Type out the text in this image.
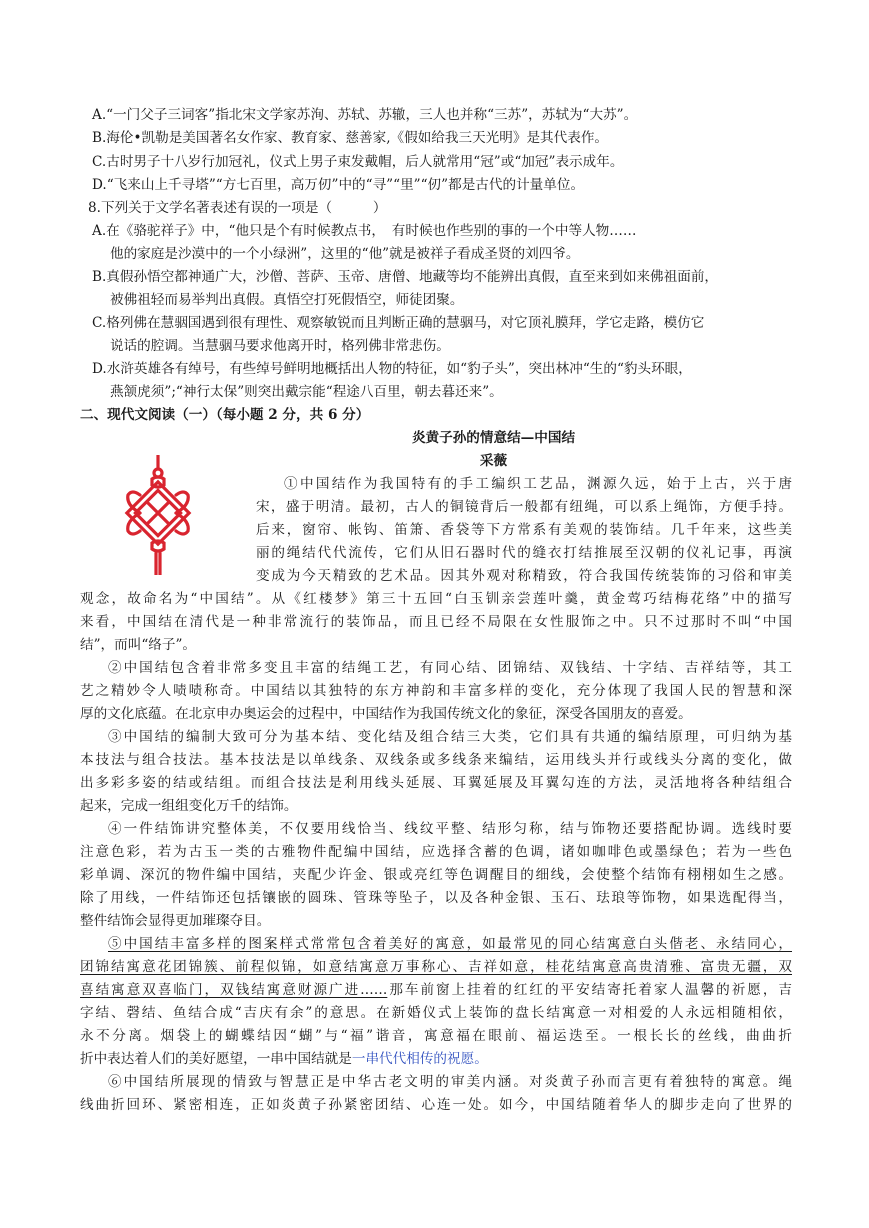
A.“一门父子三词客”指北宋文学家苏洵、苏轼、苏辙，三人也并称“三苏”，苏轼为“大苏”。
B.海伦•凯勒是美国著名女作家、教育家、慈善家,《假如给我三天光明》是其代表作。
C.古时男子十八岁行加冠礼，仪式上男子束发戴帽，后人就常用“冠”或“加冠”表示成年。
D.“飞来山上千寻塔”“方七百里，高万仞”中的“寻”“里”“仞”都是古代的计量单位。
8.下列关于文学名著表述有误的一项是（　　　）
A.在《骆驼祥子》中，“他只是个有时候教点书，　有时候也作些别的事的一个中等人物……
他的家庭是沙漠中的一个小绿洲”，这里的“他”就是被祥子看成圣贤的刘四爷。
B.真假孙悟空都神通广大，沙僧、菩萨、玉帝、唐僧、地藏等均不能辨出真假，直至来到如来佛祖面前，
被佛祖轻而易举判出真假。真悟空打死假悟空，师徒团聚。
C.格列佛在慧骃国遇到很有理性、观察敏锐而且判断正确的慧骃马，对它顶礼膜拜，学它走路，模仿它
说话的腔调。当慧骃马要求他离开时，格列佛非常悲伤。
D.水浒英雄各有绰号，有些绰号鲜明地概括出人物的特征，如“豹子头”，突出林冲“生的“豹头环眼，
燕颔虎须”;“神行太保”则突出戴宗能“程途八百里，朝去暮还来”。
二、现代文阅读（一）（每小题 2 分，共 6 分）
炎黄子孙的情意结—中国结
采薇
①中国结作为我国特有的手工编织工艺品，渊源久远，始于上古，兴于唐
宋，盛于明清。最初，古人的铜镜背后一般都有纽绳，可以系上绳饰，方便手持。
后来，窗帘、帐钩、笛箫、香袋等下方常系有美观的装饰结。几千年来，这些美
丽的绳结代代流传，它们从旧石器时代的缝衣打结推展至汉朝的仪礼记事，再演
变成为今天精致的艺术品。因其外观对称精致，符合我国传统装饰的习俗和审美
观念，故命名为“中国结”。从《红楼梦》第三十五回“白玉钏亲尝莲叶羹，黄金莺巧结梅花络”中的描写
来看，中国结在清代是一种非常流行的装饰品，而且已经不局限在女性服饰之中。只不过那时不叫“中国
结”，而叫“络子”。
②中国结包含着非常多变且丰富的结绳工艺，有同心结、团锦结、双钱结、十字结、吉祥结等，其工
艺之精妙令人啧啧称奇。中国结以其独特的东方神韵和丰富多样的变化，充分体现了我国人民的智慧和深
厚的文化底蕴。在北京申办奥运会的过程中，中国结作为我国传统文化的象征，深受各国朋友的喜爱。
③中国结的编制大致可分为基本结、变化结及组合结三大类，它们具有共通的编结原理，可归纳为基
本技法与组合技法。基本技法是以单线条、双线条或多线条来编结，运用线头并行或线头分离的变化，做
出多彩多姿的结或结组。而组合技法是利用线头延展、耳翼延展及耳翼勾连的方法，灵活地将各种结组合
起来，完成一组组变化万千的结饰。
④一件结饰讲究整体美，不仅要用线恰当、线纹平整、结形匀称，结与饰物还要搭配协调。选线时要
注意色彩，若为古玉一类的古雅物件配编中国结，应选择含蓄的色调，诸如咖啡色或墨绿色；若为一些色
彩单调、深沉的物件编中国结，夹配少许金、银或亮红等色调醒目的细线，会使整个结饰有栩栩如生之感。
除了用线，一件结饰还包括镶嵌的圆珠、管珠等坠子，以及各种金银、玉石、珐琅等饰物，如果选配得当，
整件结饰会显得更加璀璨夺目。
⑤中国结丰富多样的图案样式常常包含着美好的寓意，如最常见的同心结寓意白头偕老、永结同心，
团锦结寓意花团锦簇、前程似锦，如意结寓意万事称心、吉祥如意，桂花结寓意高贵清雅、富贵无疆，双
喜结寓意双喜临门，双钱结寓意财源广进……那车前窗上挂着的红红的平安结寄托着家人温馨的祈愿，吉
字结、磬结、鱼结合成“吉庆有余”的意思。在新婚仪式上装饰的盘长结寓意一对相爱的人永远相随相依，
永不分离。烟袋上的蝴蝶结因“蝴”与“福”谐音，寓意福在眼前、福运迭至。一根长长的丝线，曲曲折
折中表达着人们的美好愿望，一串中国结就是一串代代相传的祝愿。
⑥中国结所展现的情致与智慧正是中华古老文明的审美内涵。对炎黄子孙而言更有着独特的寓意。绳
线曲折回环、紧密相连，正如炎黄子孙紧密团结、心连一处。如今，中国结随着华人的脚步走向了世界的
